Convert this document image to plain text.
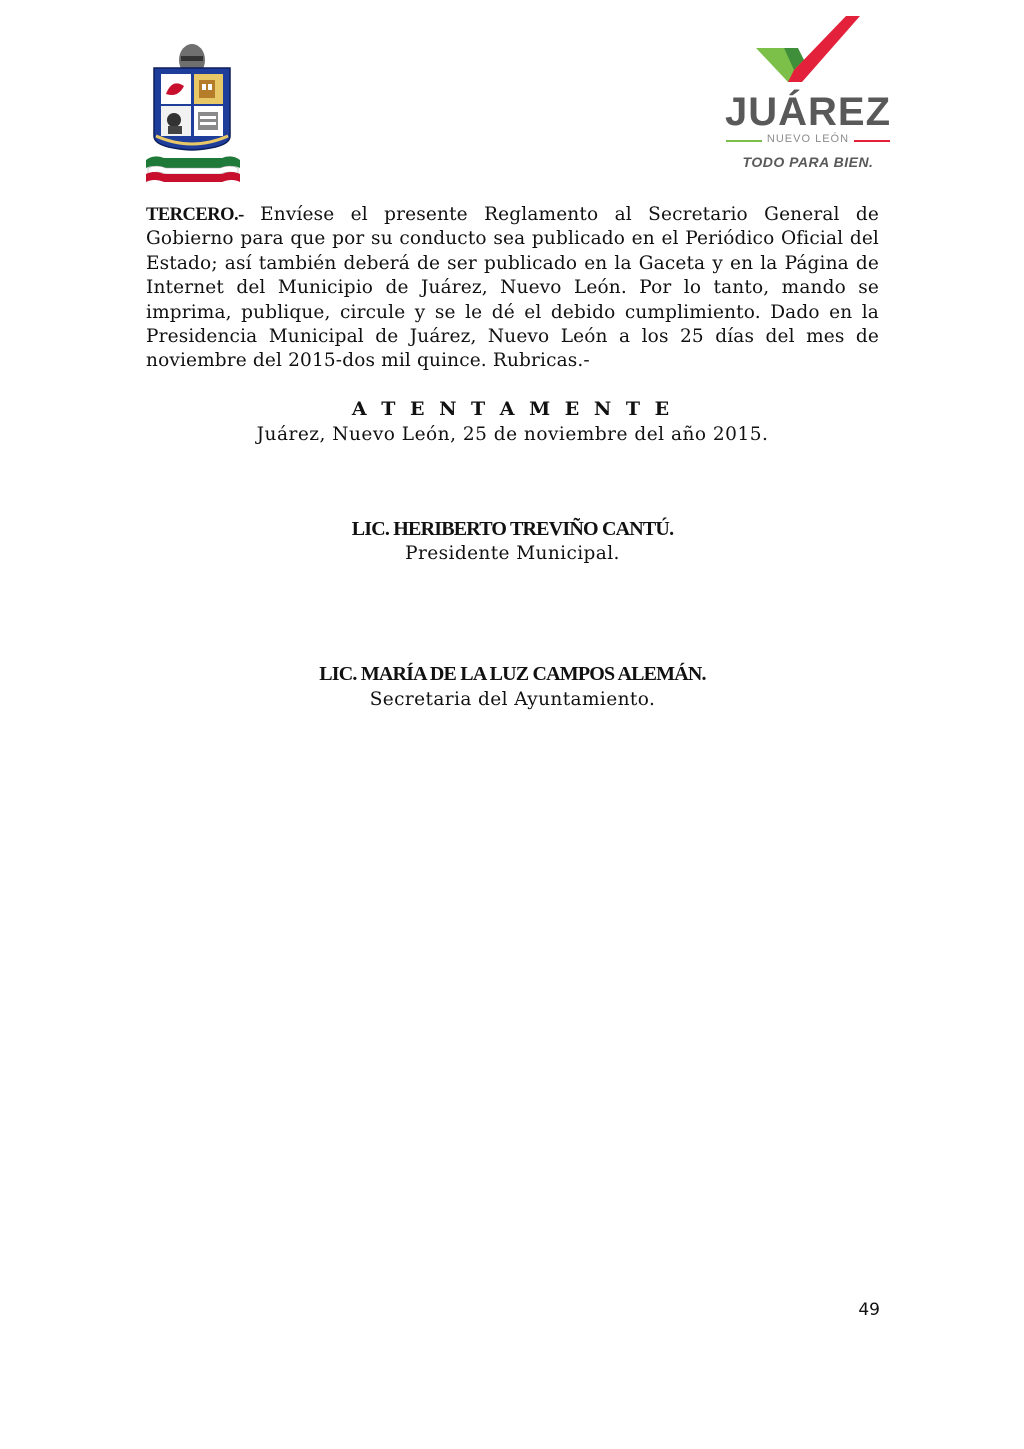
JUÁREZ
NUEVO LEÓN
TODO PARA BIEN.

TERCERO.- Envíese el presente Reglamento al Secretario General de Gobierno para que por su conducto sea publicado en el Periódico Oficial del Estado; así también deberá de ser publicado en la Gaceta y en la Página de Internet del Municipio de Juárez, Nuevo León. Por lo tanto, mando se imprima, publique, circule y se le dé el debido cumplimiento. Dado en la Presidencia Municipal de Juárez, Nuevo León a los 25 días del mes de noviembre del 2015-dos mil quince. Rubricas.-

A T E N T A M E N T E

Juárez, Nuevo León, 25 de noviembre del año 2015.

LIC. HERIBERTO TREVIÑO CANTÚ.

Presidente Municipal.

LIC. MARÍA DE LA LUZ CAMPOS ALEMÁN.

Secretaria del Ayuntamiento.

49
